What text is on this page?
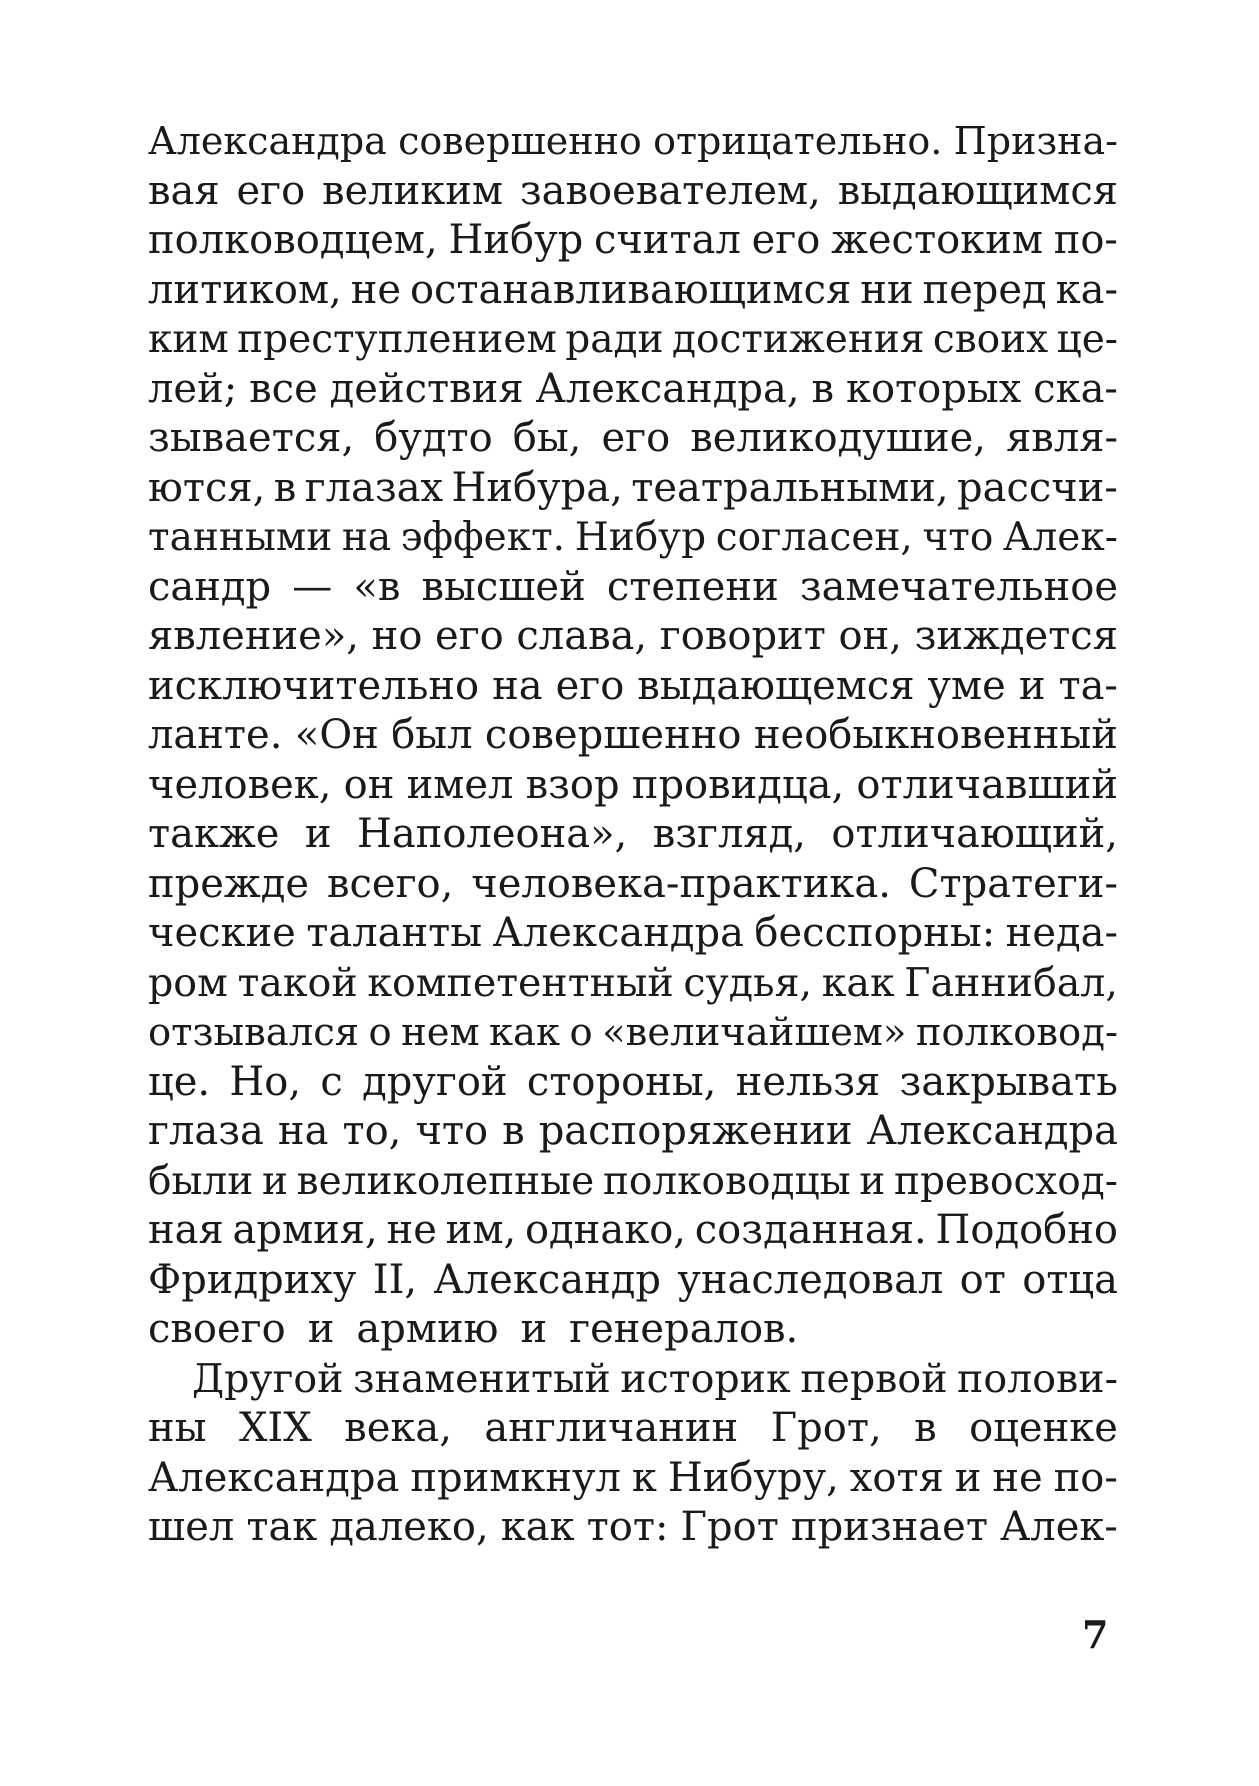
Александра совершенно отрицательно. Призна-
вая его великим завоевателем, выдающимся
полководцем, Нибур считал его жестоким по-
литиком, не останавливающимся ни перед ка-
ким преступлением ради достижения своих це-
лей; все действия Александра, в которых ска-
зывается, будто бы, его великодушие, явля-
ются, в глазах Нибура, театральными, рассчи-
танными на эффект. Нибур согласен, что Алек-
сандр — «в высшей степени замечательное
явление», но его слава, говорит он, зиждется
исключительно на его выдающемся уме и та-
ланте. «Он был совершенно необыкновенный
человек, он имел взор провидца, отличавший
также и Наполеона», взгляд, отличающий,
прежде всего, человека-практика. Стратеги-
ческие таланты Александра бесспорны: неда-
ром такой компетентный судья, как Ганнибал,
отзывался о нем как о «величайшем» полковод-
це. Но, с другой стороны, нельзя закрывать
глаза на то, что в распоряжении Александра
были и великолепные полководцы и превосход-
ная армия, не им, однако, созданная. Подобно
Фридриху II, Александр унаследовал от отца
своего и армию и генералов.
Другой знаменитый историк первой полови-
ны XIX века, англичанин Грот, в оценке
Александра примкнул к Нибуру, хотя и не по-
шел так далеко, как тот: Грот признает Алек-
7
